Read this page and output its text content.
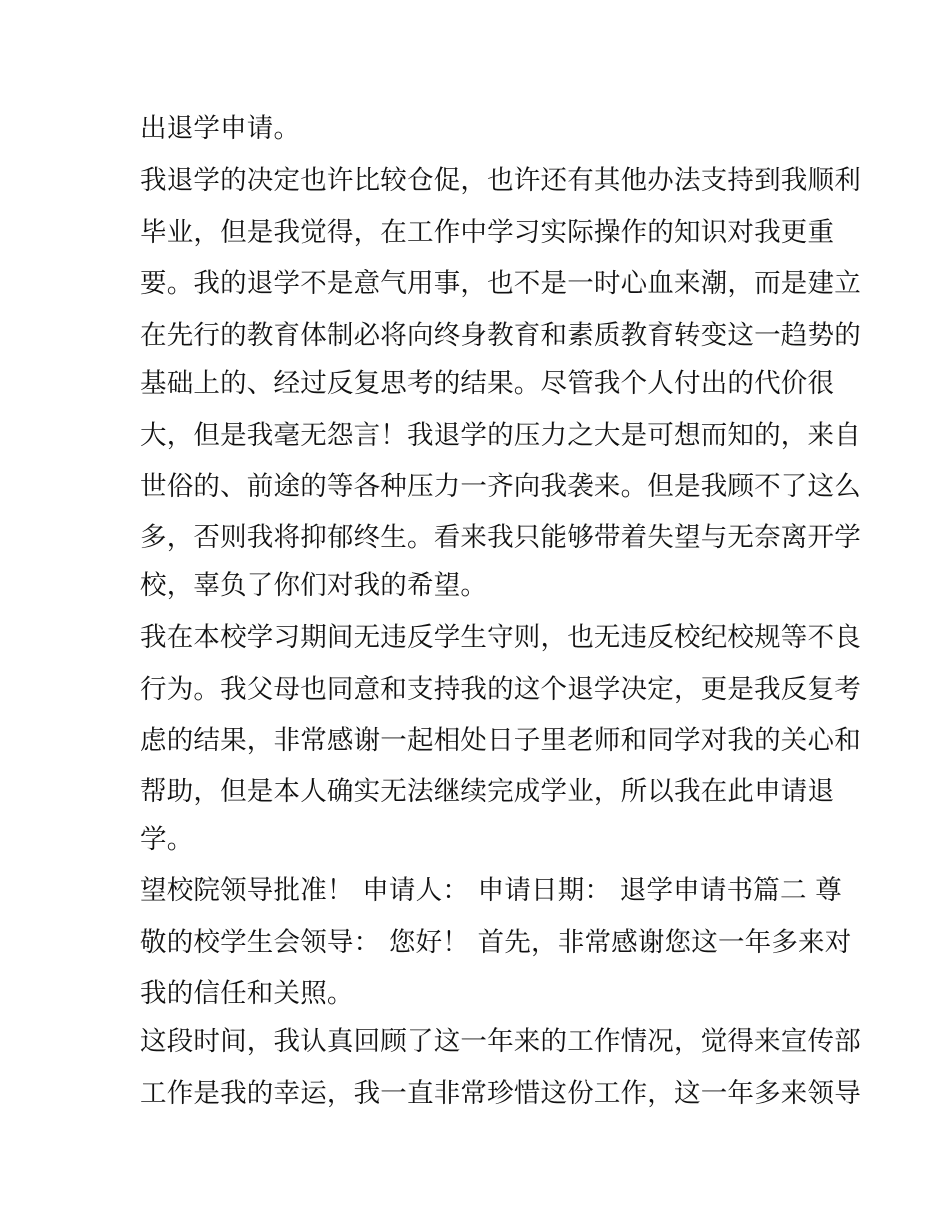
出退学申请。
我退学的决定也许比较仓促，也许还有其他办法支持到我顺利
毕业，但是我觉得，在工作中学习实际操作的知识对我更重
要。我的退学不是意气用事，也不是一时心血来潮，而是建立
在先行的教育体制必将向终身教育和素质教育转变这一趋势的
基础上的、经过反复思考的结果。尽管我个人付出的代价很
大，但是我毫无怨言！我退学的压力之大是可想而知的，来自
世俗的、前途的等各种压力一齐向我袭来。但是我顾不了这么
多，否则我将抑郁终生。看来我只能够带着失望与无奈离开学
校，辜负了你们对我的希望。
我在本校学习期间无违反学生守则，也无违反校纪校规等不良
行为。我父母也同意和支持我的这个退学决定，更是我反复考
虑的结果，非常感谢一起相处日子里老师和同学对我的关心和
帮助，但是本人确实无法继续完成学业，所以我在此申请退
学。
望校院领导批准！ 申请人： 申请日期： 退学申请书篇二 尊
敬的校学生会领导： 您好！ 首先，非常感谢您这一年多来对
我的信任和关照。
这段时间，我认真回顾了这一年来的工作情况，觉得来宣传部
工作是我的幸运，我一直非常珍惜这份工作，这一年多来领导
